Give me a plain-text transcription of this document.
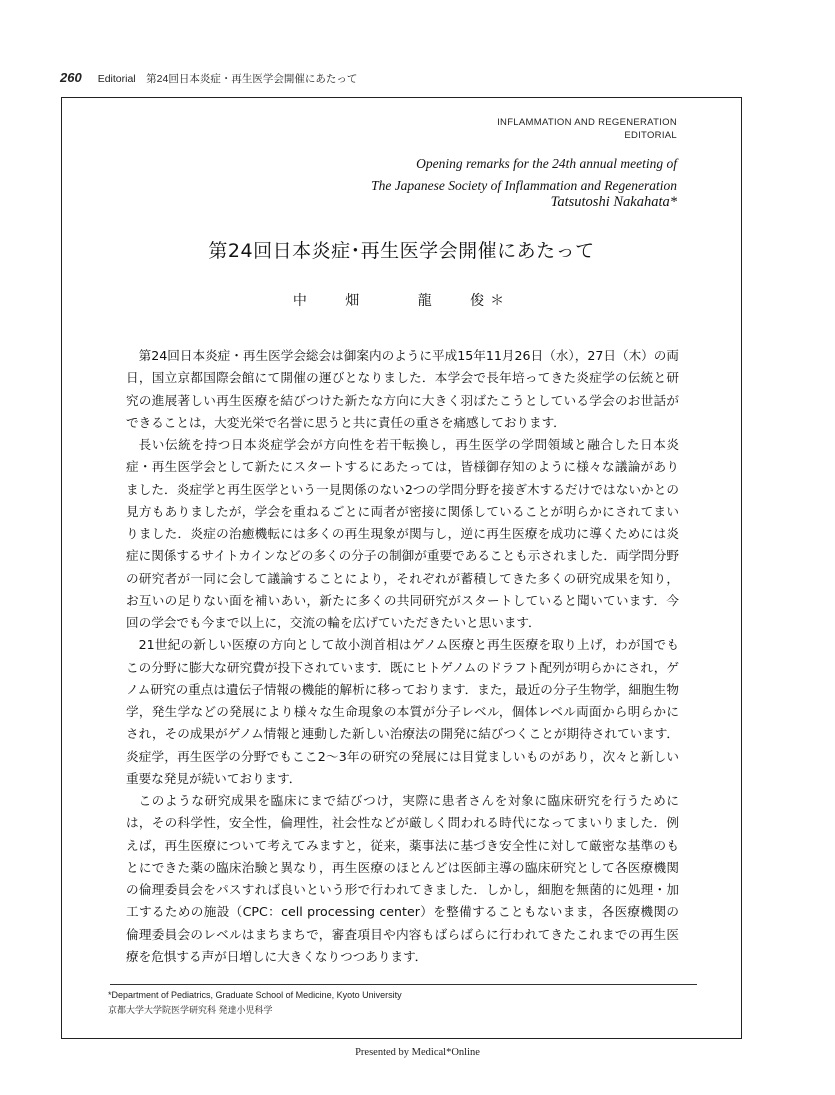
260 Editorial　第24回日本炎症・再生医学会開催にあたって
INFLAMMATION AND REGENERATION
EDITORIAL
Opening remarks for the 24th annual meeting of
The Japanese Society of Inflammation and Regeneration
Tatsutoshi Nakahata*
第24回日本炎症･再生医学会開催にあたって
中 畑 　龍 俊＊

第24回日本炎症・再生医学会総会は御案内のように平成15年11月26日（水），27日（木）の両日，国立京都国際会館にて開催の運びとなりました．本学会で長年培ってきた炎症学の伝統と研究の進展著しい再生医療を結びつけた新たな方向に大きく羽ばたこうとしている学会のお世話ができることは，大変光栄で名誉に思うと共に責任の重さを痛感しております．

長い伝統を持つ日本炎症学会が方向性を若干転換し，再生医学の学問領域と融合した日本炎症・再生医学会として新たにスタートするにあたっては，皆様御存知のように様々な議論がありました．炎症学と再生医学という一見関係のない2つの学問分野を接ぎ木するだけではないかとの見方もありましたが，学会を重ねるごとに両者が密接に関係していることが明らかにされてまいりました．炎症の治癒機転には多くの再生現象が関与し，逆に再生医療を成功に導くためには炎症に関係するサイトカインなどの多くの分子の制御が重要であることも示されました．両学問分野の研究者が一同に会して議論することにより，それぞれが蓄積してきた多くの研究成果を知り，お互いの足りない面を補いあい，新たに多くの共同研究がスタートしていると聞いています．今回の学会でも今まで以上に，交流の輪を広げていただきたいと思います．

21世紀の新しい医療の方向として故小渕首相はゲノム医療と再生医療を取り上げ，わが国でもこの分野に膨大な研究費が投下されています．既にヒトゲノムのドラフト配列が明らかにされ，ゲノム研究の重点は遺伝子情報の機能的解析に移っております．また，最近の分子生物学，細胞生物学，発生学などの発展により様々な生命現象の本質が分子レベル，個体レベル両面から明らかにされ，その成果がゲノム情報と連動した新しい治療法の開発に結びつくことが期待されています．炎症学，再生医学の分野でもここ2〜3年の研究の発展には目覚ましいものがあり，次々と新しい重要な発見が続いております．

このような研究成果を臨床にまで結びつけ，実際に患者さんを対象に臨床研究を行うためには，その科学性，安全性，倫理性，社会性などが厳しく問われる時代になってまいりました．例えば，再生医療について考えてみますと，従来，薬事法に基づき安全性に対して厳密な基準のもとにできた薬の臨床治験と異なり，再生医療のほとんどは医師主導の臨床研究として各医療機関の倫理委員会をパスすれば良いという形で行われてきました．しかし，細胞を無菌的に処理・加工するための施設（CPC：cell processing center）を整備することもないまま，各医療機関の倫理委員会のレベルはまちまちで，審査項目や内容もばらばらに行われてきたこれまでの再生医療を危惧する声が日増しに大きくなりつつあります．

*Department of Pediatrics, Graduate School of Medicine, Kyoto University
京都大学大学院医学研究科 発達小児科学
Presented by Medical*Online
